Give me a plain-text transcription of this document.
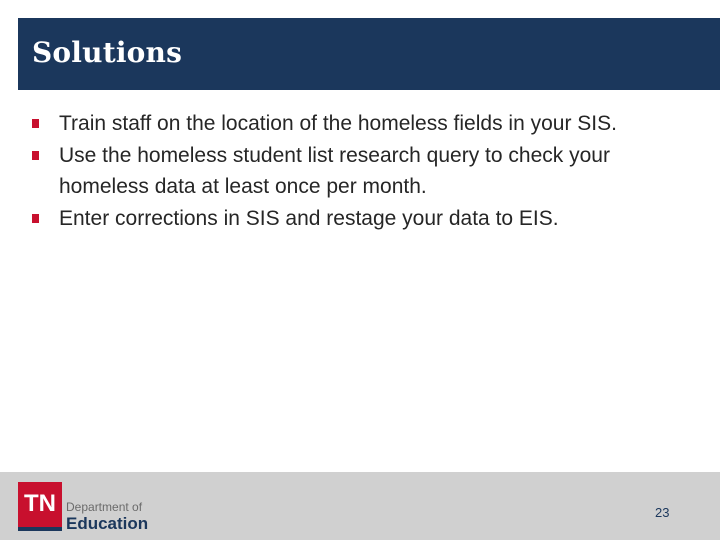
Solutions
Train staff on the location of the homeless fields in your SIS.
Use the homeless student list research query to check your homeless data at least once per month.
Enter corrections in SIS and restage your data to EIS.
TN Department of
Education
23
